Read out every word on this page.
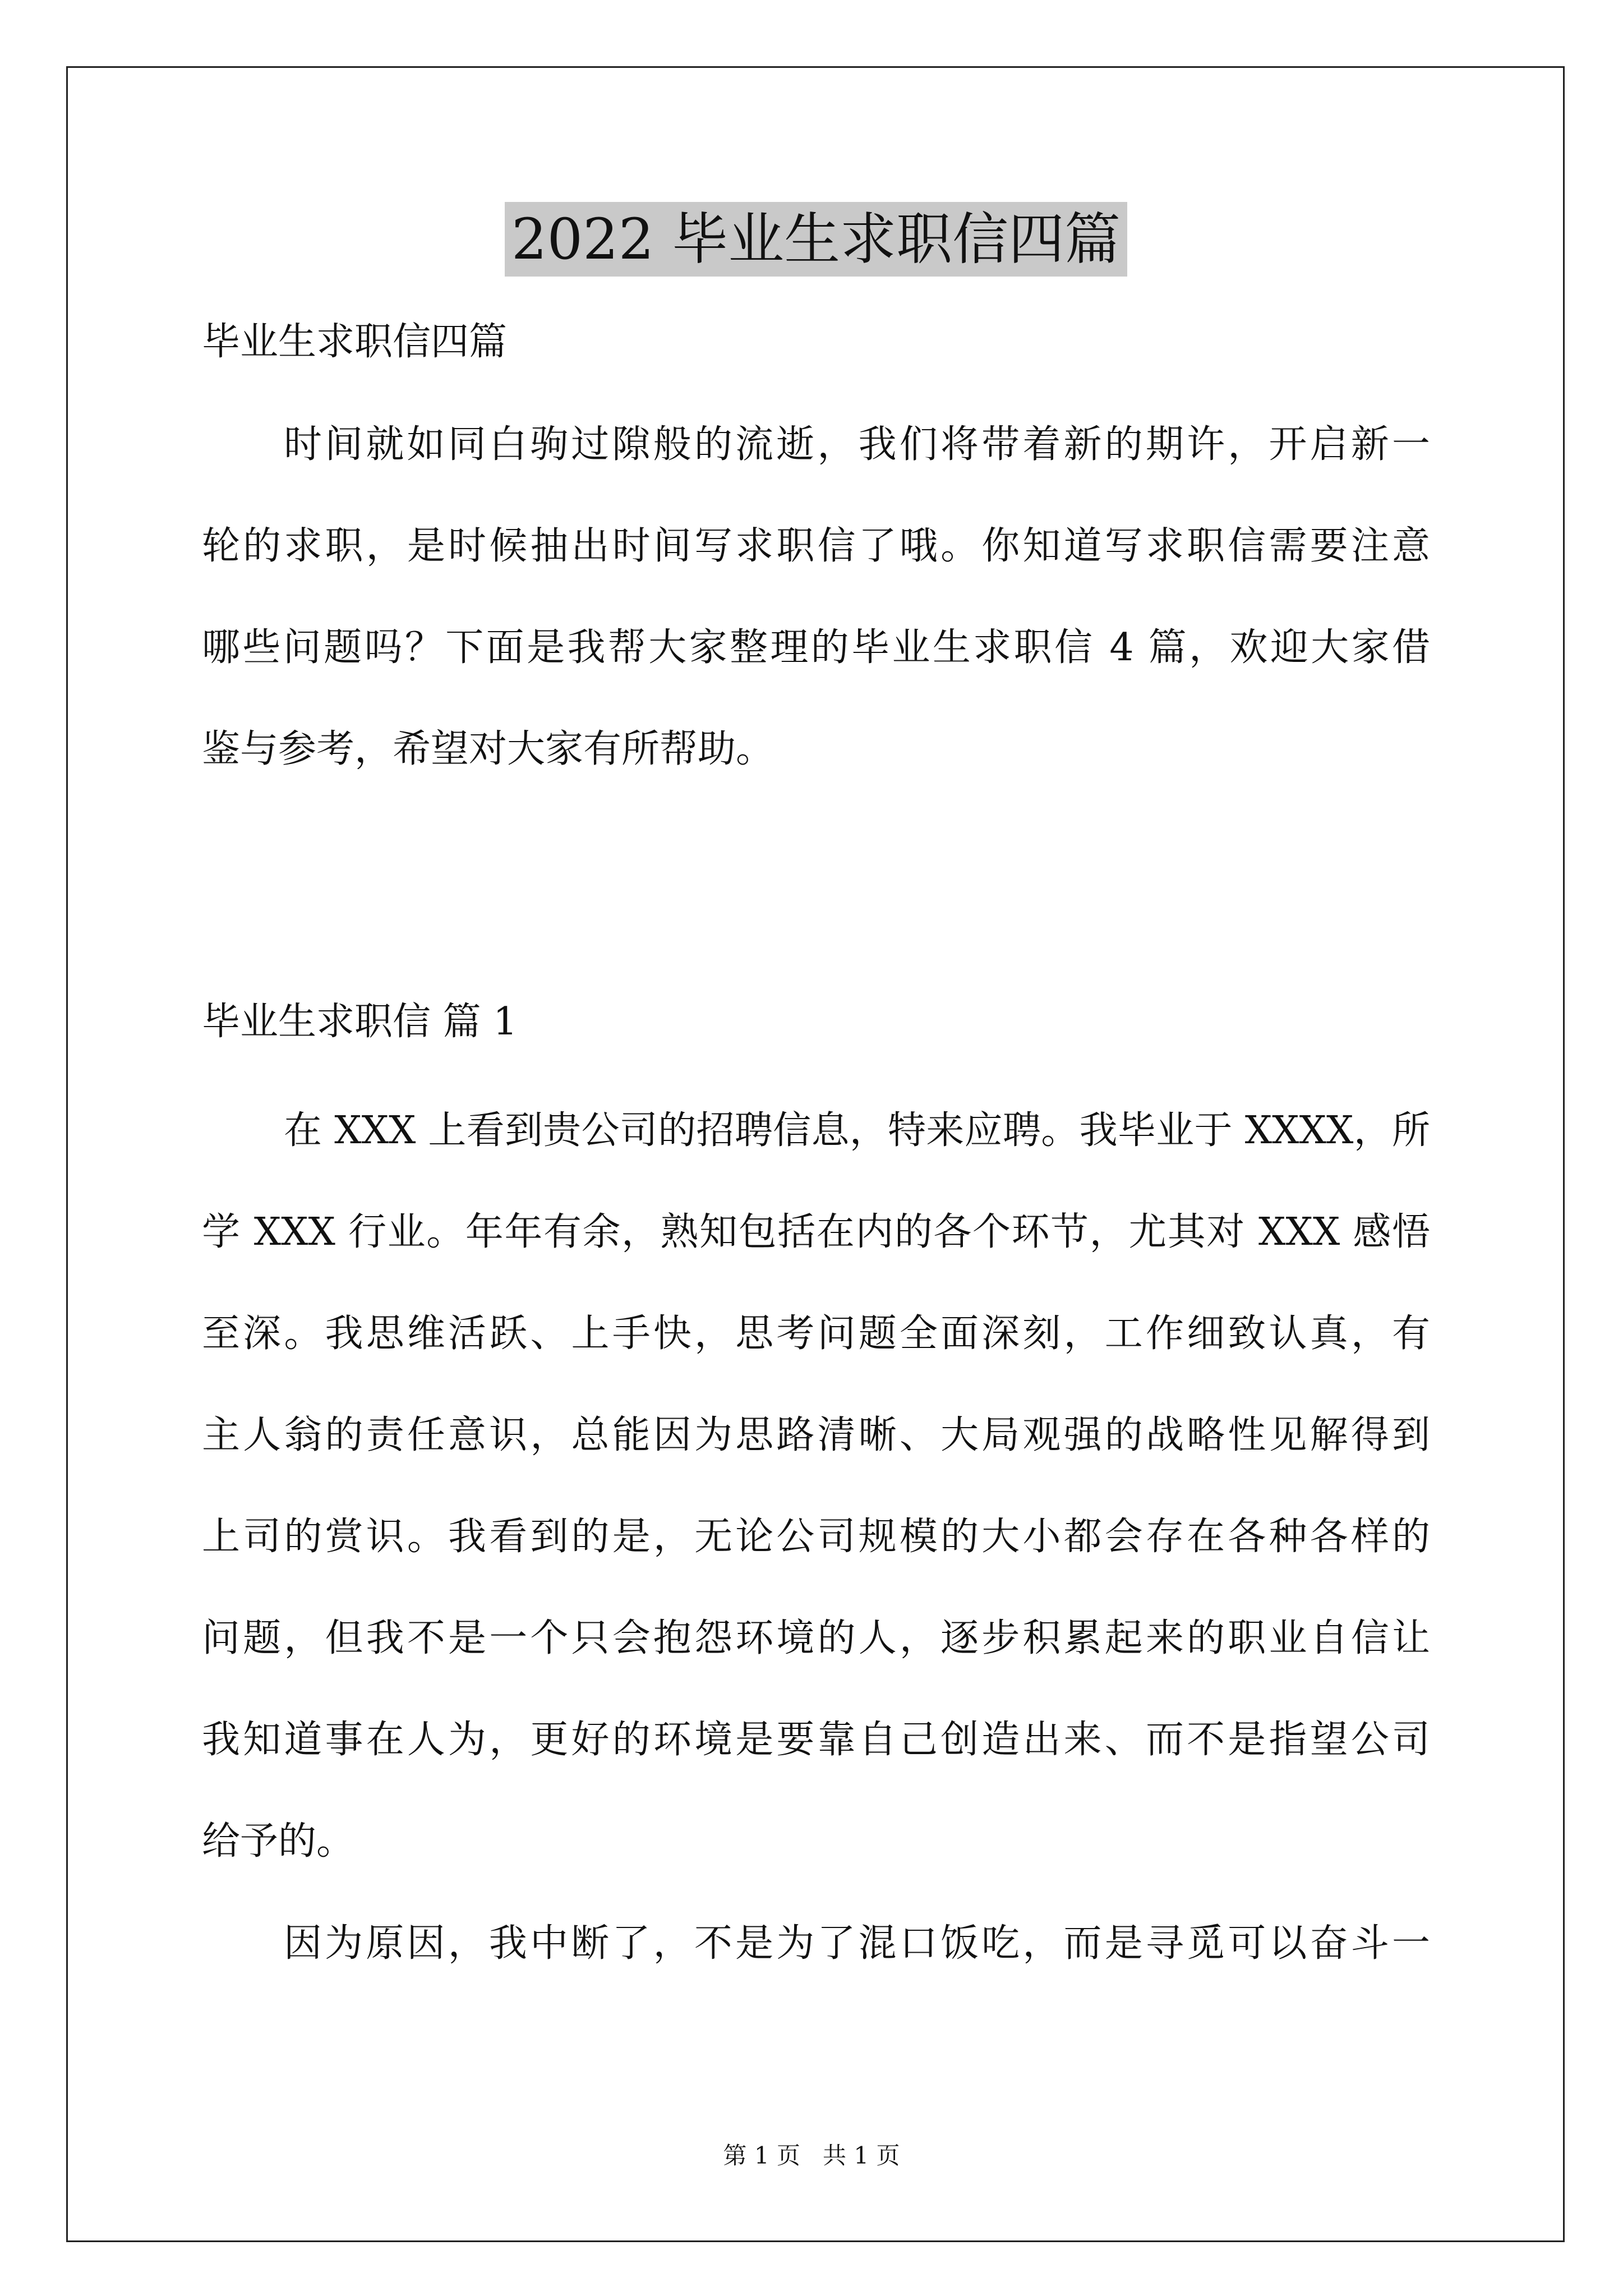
2022 毕业生求职信四篇
毕业生求职信四篇
时间就如同白驹过隙般的流逝，我们将带着新的期许，开启新一
轮的求职，是时候抽出时间写求职信了哦。你知道写求职信需要注意
哪些问题吗？下面是我帮大家整理的毕业生求职信 4 篇，欢迎大家借
鉴与参考，希望对大家有所帮助。
毕业生求职信 篇 1
在 XXX 上看到贵公司的招聘信息，特来应聘。我毕业于 XXXX，所
学 XXX 行业。年年有余，熟知包括在内的各个环节，尤其对 XXX 感悟
至深。我思维活跃、上手快，思考问题全面深刻，工作细致认真，有
主人翁的责任意识，总能因为思路清晰、大局观强的战略性见解得到
上司的赏识。我看到的是，无论公司规模的大小都会存在各种各样的
问题，但我不是一个只会抱怨环境的人，逐步积累起来的职业自信让
我知道事在人为，更好的环境是要靠自己创造出来、而不是指望公司
给予的。
因为原因，我中断了，不是为了混口饭吃，而是寻觅可以奋斗一
第 1 页   共 1 页
